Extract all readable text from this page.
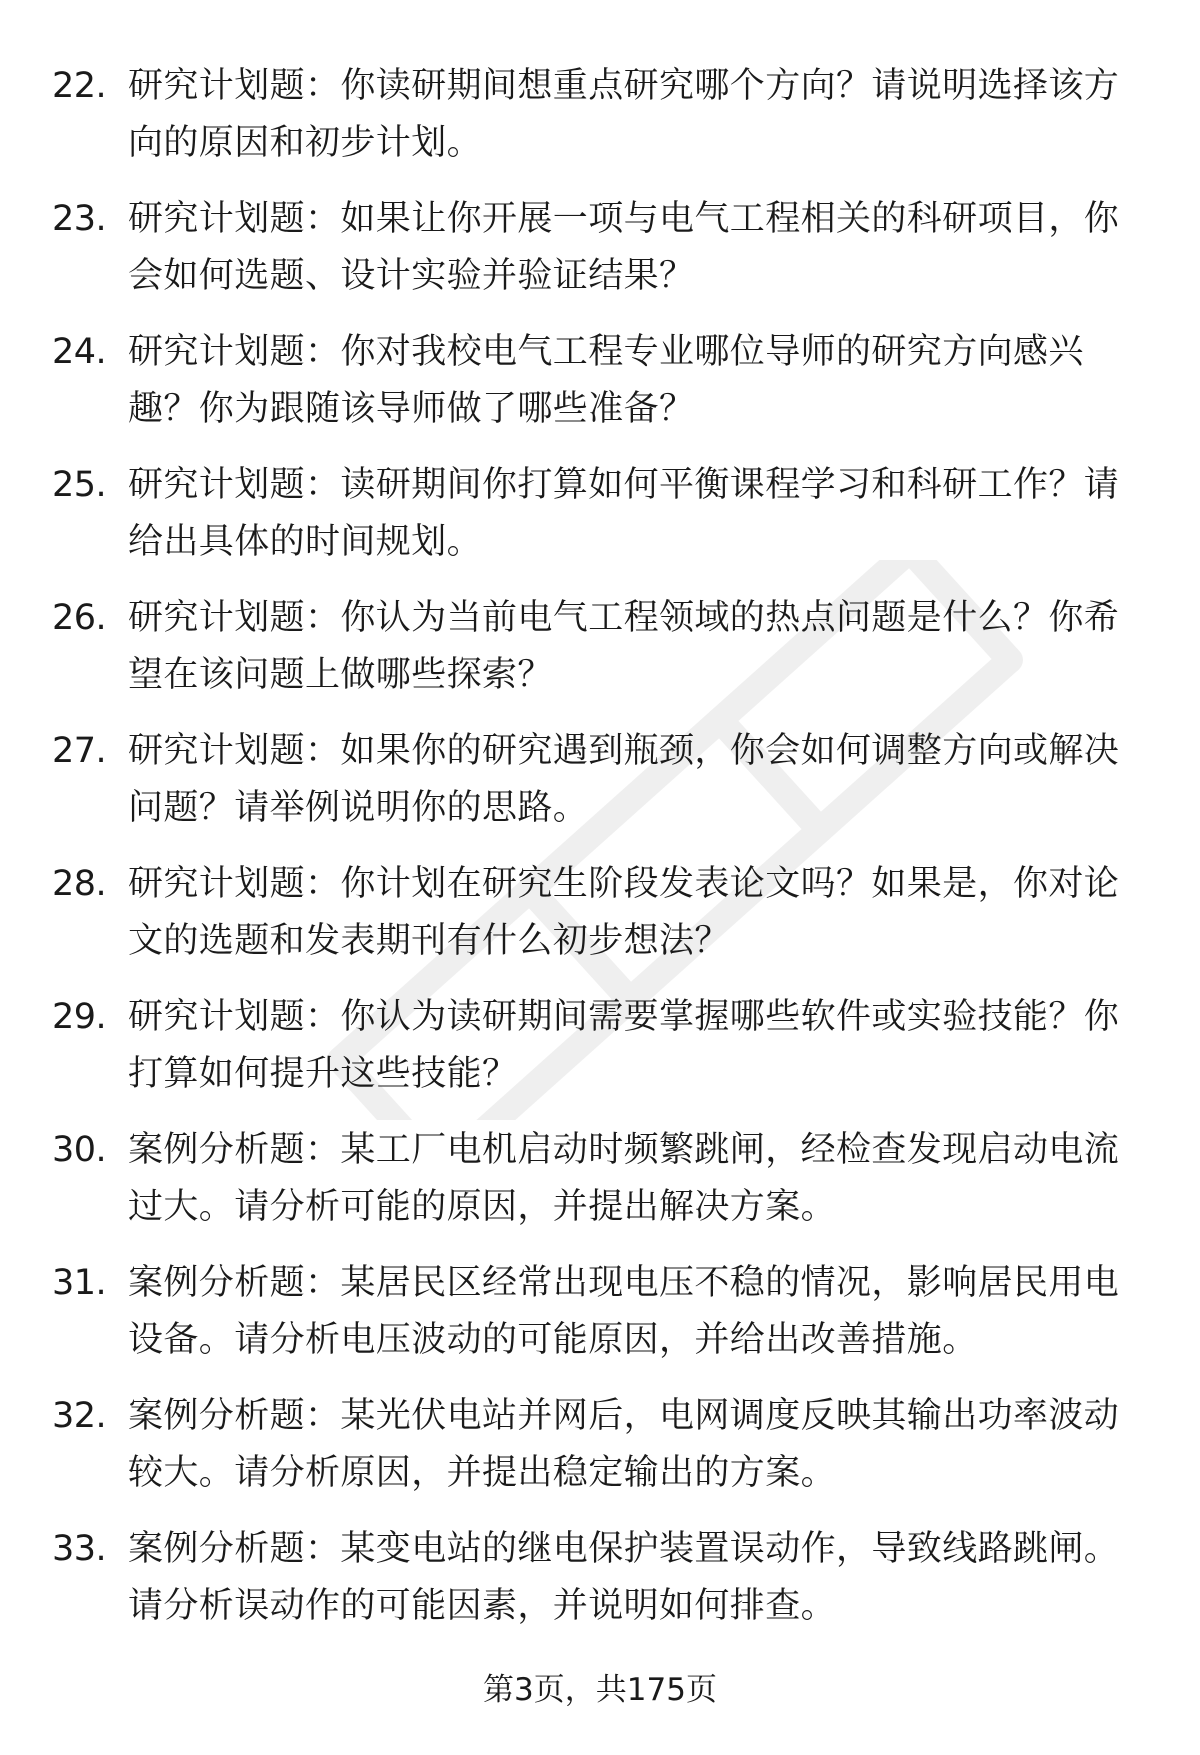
22. 研究计划题：你读研期间想重点研究哪个方向？请说明选择该方向的原因和初步计划。
23. 研究计划题：如果让你开展一项与电气工程相关的科研项目，你会如何选题、设计实验并验证结果？
24. 研究计划题：你对我校电气工程专业哪位导师的研究方向感兴趣？你为跟随该导师做了哪些准备？
25. 研究计划题：读研期间你打算如何平衡课程学习和科研工作？请给出具体的时间规划。
26. 研究计划题：你认为当前电气工程领域的热点问题是什么？你希望在该问题上做哪些探索？
27. 研究计划题：如果你的研究遇到瓶颈，你会如何调整方向或解决问题？请举例说明你的思路。
28. 研究计划题：你计划在研究生阶段发表论文吗？如果是，你对论文的选题和发表期刊有什么初步想法？
29. 研究计划题：你认为读研期间需要掌握哪些软件或实验技能？你打算如何提升这些技能？
30. 案例分析题：某工厂电机启动时频繁跳闸，经检查发现启动电流过大。请分析可能的原因，并提出解决方案。
31. 案例分析题：某居民区经常出现电压不稳的情况，影响居民用电设备。请分析电压波动的可能原因，并给出改善措施。
32. 案例分析题：某光伏电站并网后，电网调度反映其输出功率波动较大。请分析原因，并提出稳定输出的方案。
33. 案例分析题：某变电站的继电保护装置误动作，导致线路跳闸。请分析误动作的可能因素，并说明如何排查。
第3页，共175页
